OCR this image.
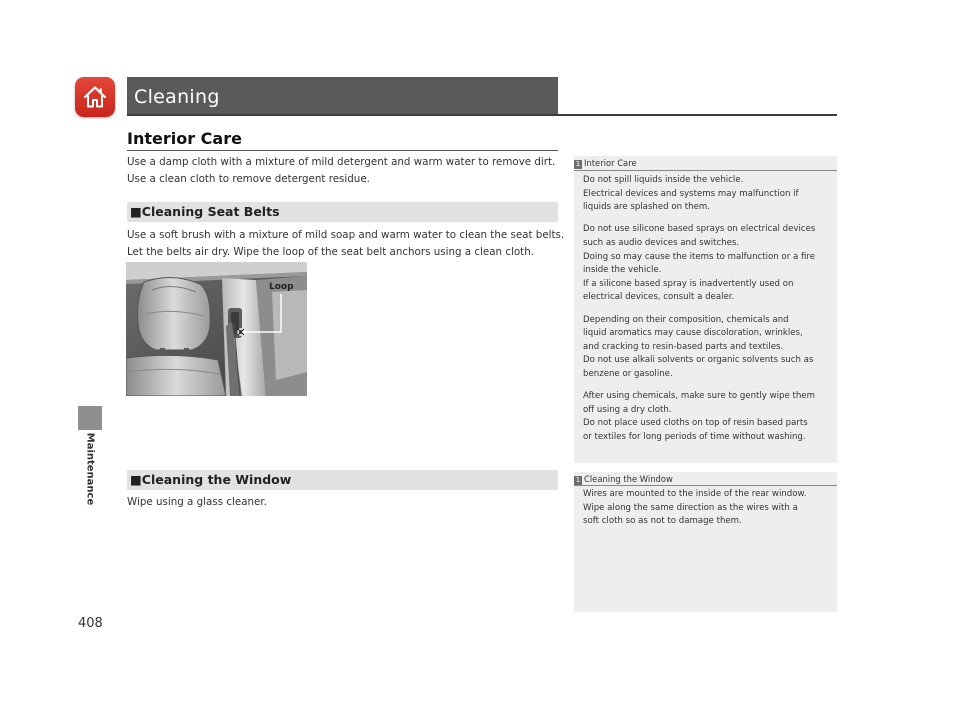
Cleaning
Maintenance
408
Interior Care
Use a damp cloth with a mixture of mild detergent and warm water to remove dirt.
Use a clean cloth to remove detergent residue.
■Cleaning Seat Belts
Use a soft brush with a mixture of mild soap and warm water to clean the seat belts.
Let the belts air dry. Wipe the loop of the seat belt anchors using a clean cloth.
Loop
■Cleaning the Window
Wipe using a glass cleaner.
1 Interior Care

Do not spill liquids inside the vehicle.

Electrical devices and systems may malfunction if

liquids are splashed on them.

Do not use silicone based sprays on electrical devices

such as audio devices and switches.

Doing so may cause the items to malfunction or a fire

inside the vehicle.

If a silicone based spray is inadvertently used on

electrical devices, consult a dealer.

Depending on their composition, chemicals and

liquid aromatics may cause discoloration, wrinkles,

and cracking to resin-based parts and textiles.

Do not use alkali solvents or organic solvents such as

benzene or gasoline.

After using chemicals, make sure to gently wipe them

off using a dry cloth.

Do not place used cloths on top of resin based parts

or textiles for long periods of time without washing.

1 Cleaning the Window

Wires are mounted to the inside of the rear window.

Wipe along the same direction as the wires with a

soft cloth so as not to damage them.
